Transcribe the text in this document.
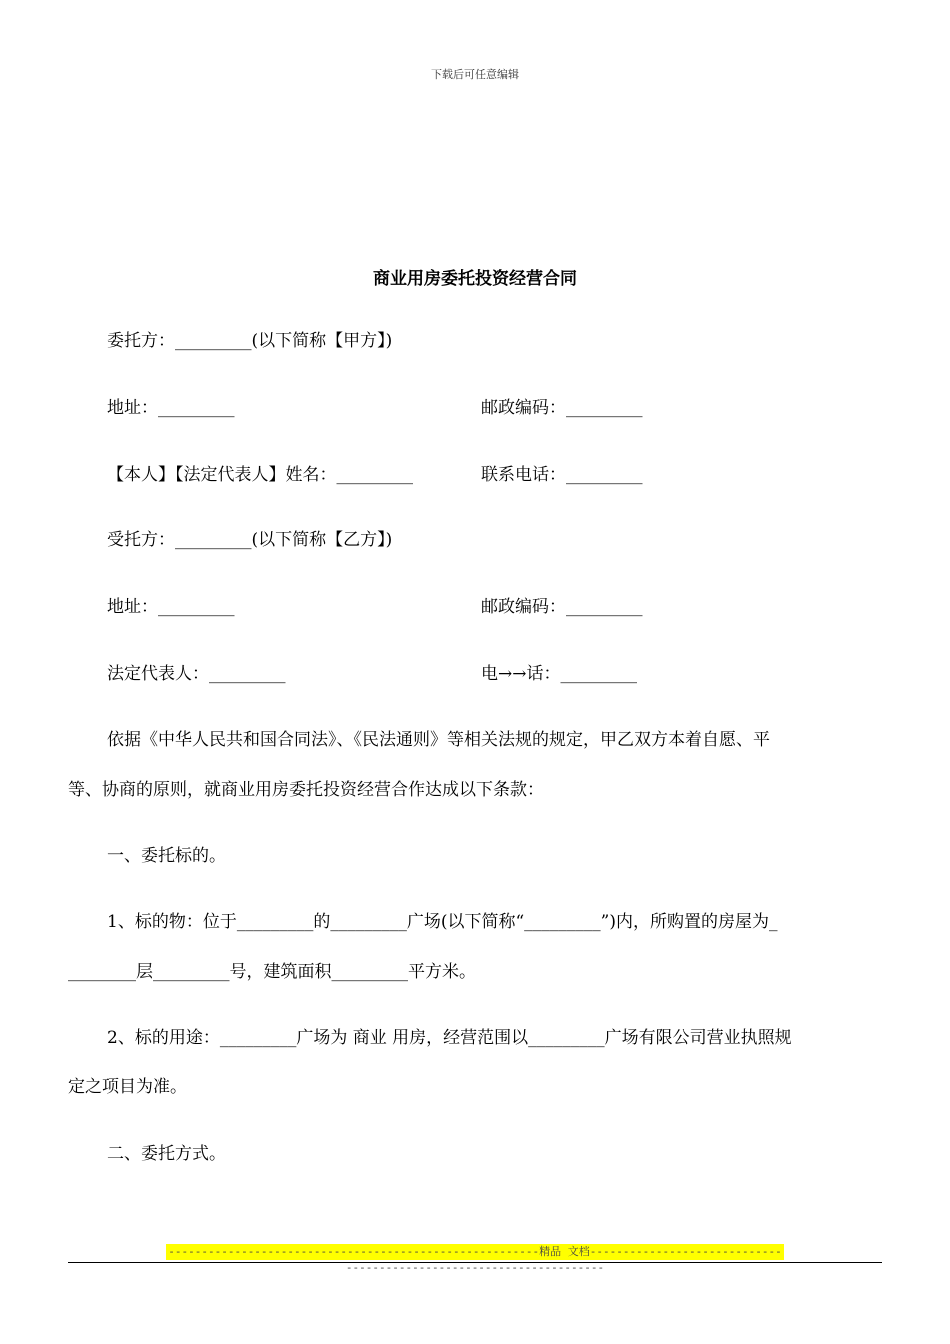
下载后可任意编辑
商业用房委托投资经营合同
委托方：_________(以下简称【甲方】)
地址：_________	邮政编码：_________
【本人】【法定代表人】姓名：_________	联系电话：_________
受托方：_________(以下简称【乙方】)
地址：_________	邮政编码：_________
法定代表人：_________	电→→话：_________
依据《中华人民共和国合同法》、《民法通则》等相关法规的规定，甲乙双方本着自愿、平
等、协商的原则，就商业用房委托投资经营合作达成以下条款：
一、委托标的。
1、标的物：位于_________的_________广场(以下简称“_________”)内，所购置的房屋为_
________层_________号，建筑面积_________平方米。
2、标的用途：_________广场为 商业 用房，经营范围以_________广场有限公司营业执照规
定之项目为准。
二、委托方式。
--------------------------------------------------------精品 文档--------------------------------------------------------------------
